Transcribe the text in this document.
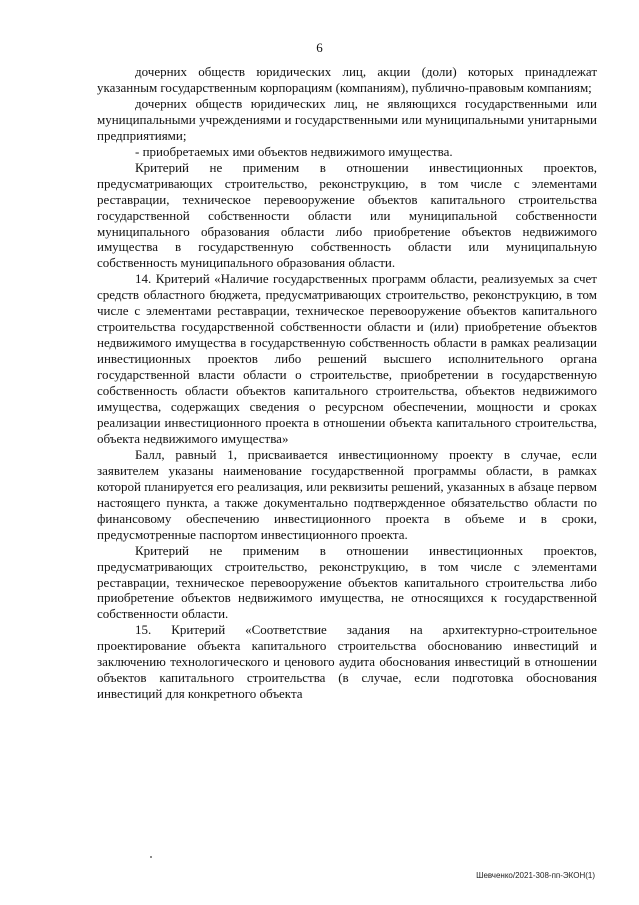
6

дочерних обществ юридических лиц, акции (доли) которых принадлежат указанным государственным корпорациям (компаниям), публично-правовым компаниям;

дочерних обществ юридических лиц, не являющихся государственными или муниципальными учреждениями и государственными или муниципальными унитарными предприятиями;

- приобретаемых ими объектов недвижимого имущества.

Критерий не применим в отношении инвестиционных проектов, предусматривающих строительство, реконструкцию, в том числе с элементами реставрации, техническое перевооружение объектов капитального строительства государственной собственности области или муниципальной собственности муниципального образования области либо приобретение объектов недвижимого имущества в государственную собственность области или муниципальную собственность муниципального образования области.

14. Критерий «Наличие государственных программ области, реализуемых за счет средств областного бюджета, предусматривающих строительство, реконструкцию, в том числе с элементами реставрации, техническое перевооружение объектов капитального строительства государственной собственности области и (или) приобретение объектов недвижимого имущества в государственную собственность области в рамках реализации инвестиционных проектов либо решений высшего исполнительного органа государственной власти области о строительстве, приобретении в государственную собственность области объектов капитального строительства, объектов недвижимого имущества, содержащих сведения о ресурсном обеспечении, мощности и сроках реализации инвестиционного проекта в отношении объекта капитального строительства, объекта недвижимого имущества»

Балл, равный 1, присваивается инвестиционному проекту в случае, если заявителем указаны наименование государственной программы области, в рамках которой планируется его реализация, или реквизиты решений, указанных в абзаце первом настоящего пункта, а также документально подтвержденное обязательство области по финансовому обеспечению инвестиционного проекта в объеме и в сроки, предусмотренные паспортом инвестиционного проекта.

Критерий не применим в отношении инвестиционных проектов, предусматривающих строительство, реконструкцию, в том числе с элементами реставрации, техническое перевооружение объектов капитального строительства либо приобретение объектов недвижимого имущества, не относящихся к государственной собственности области.

15. Критерий «Соответствие задания на архитектурно-строительное проектирование объекта капитального строительства обоснованию инвестиций и заключению технологического и ценового аудита обоснования инвестиций в отношении объектов капитального строительства (в случае, если подготовка обоснования инвестиций для конкретного объекта

Шевченко/2021-308-пп-ЭКОН(1)
